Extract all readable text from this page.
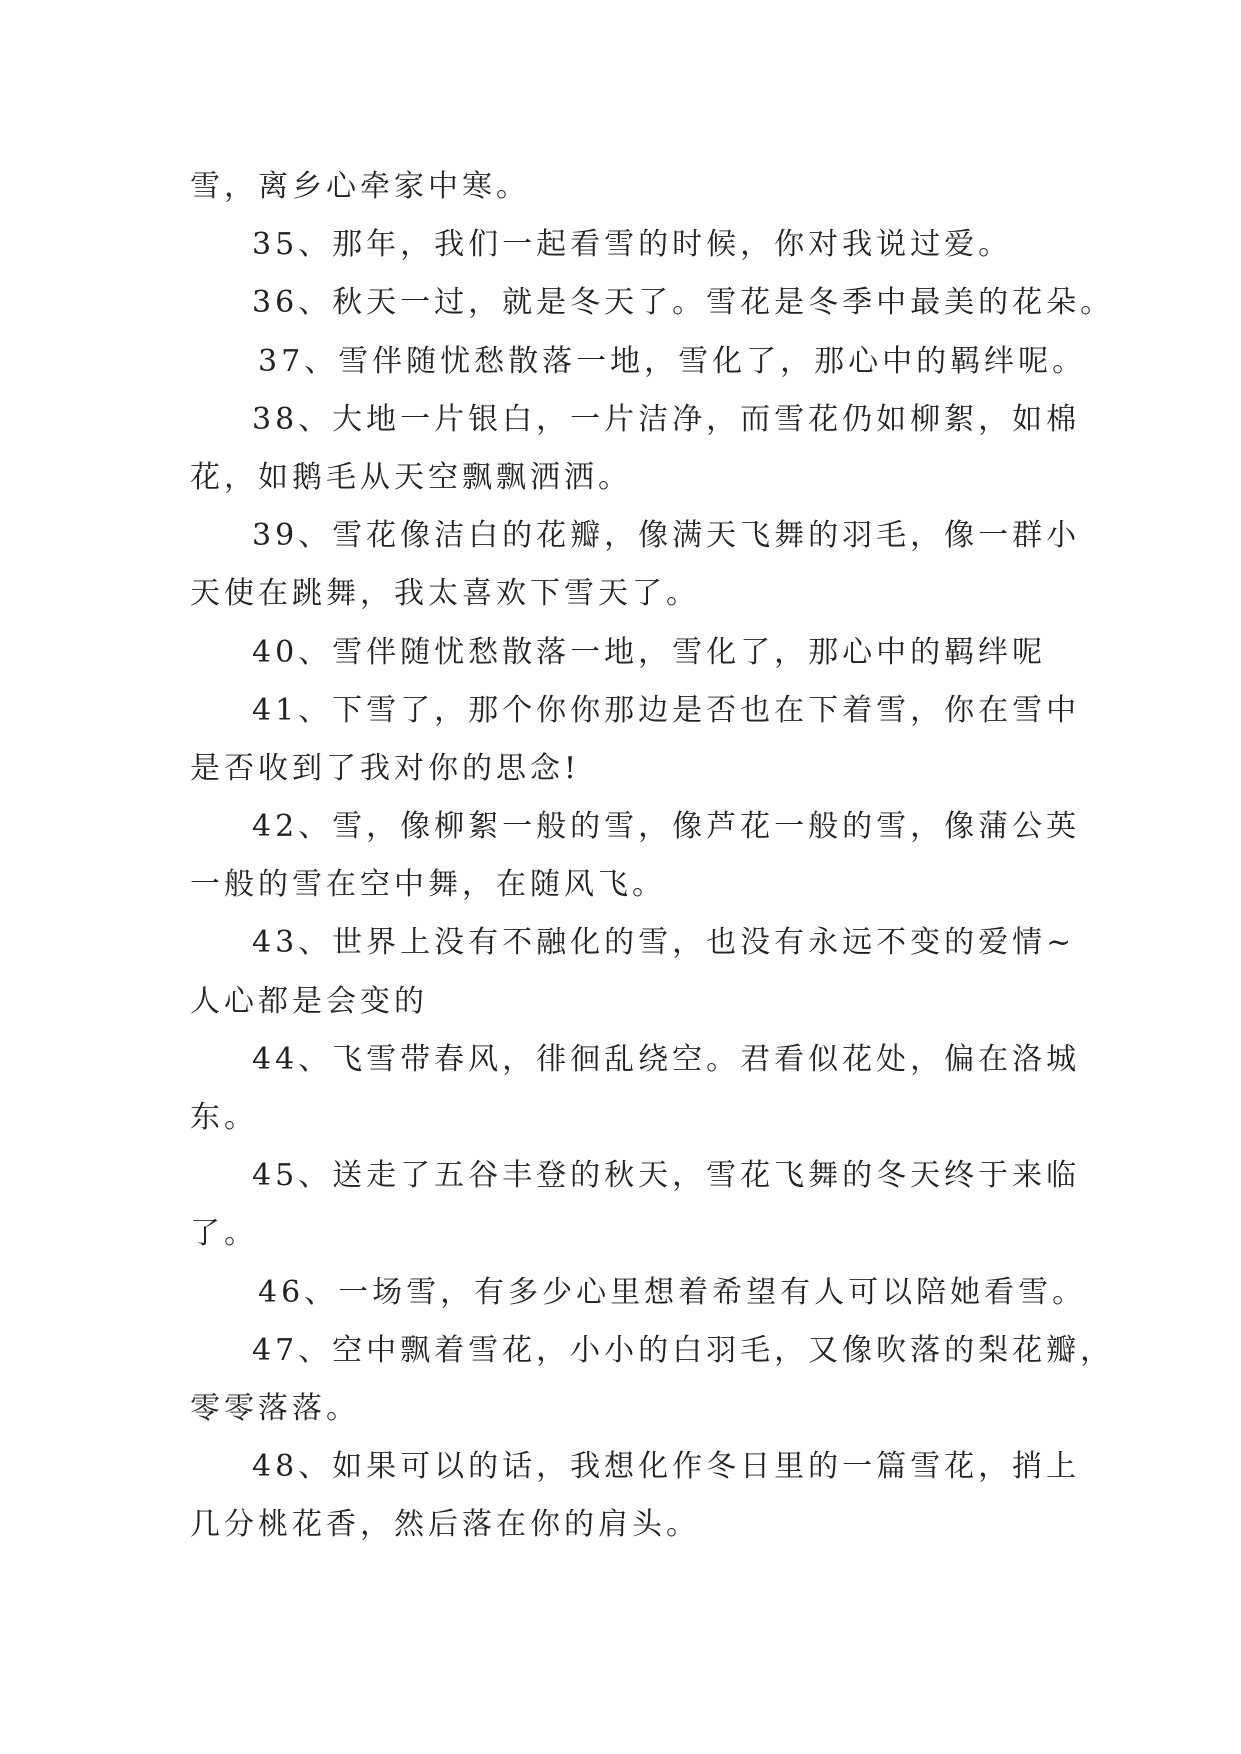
雪，离乡心牵家中寒。
35、那年，我们一起看雪的时候，你对我说过爱。
36、秋天一过，就是冬天了。雪花是冬季中最美的花朵。
37、雪伴随忧愁散落一地，雪化了，那心中的羁绊呢。
38、大地一片银白，一片洁净，而雪花仍如柳絮，如棉
花，如鹅毛从天空飘飘洒洒。
39、雪花像洁白的花瓣，像满天飞舞的羽毛，像一群小
天使在跳舞，我太喜欢下雪天了。
40、雪伴随忧愁散落一地，雪化了，那心中的羁绊呢
41、下雪了，那个你你那边是否也在下着雪，你在雪中
是否收到了我对你的思念!
42、雪，像柳絮一般的雪，像芦花一般的雪，像蒲公英
一般的雪在空中舞，在随风飞。
43、世界上没有不融化的雪，也没有永远不变的爱情~
人心都是会变的
44、飞雪带春风，徘徊乱绕空。君看似花处，偏在洛城
东。
45、送走了五谷丰登的秋天，雪花飞舞的冬天终于来临
了。
46、一场雪，有多少心里想着希望有人可以陪她看雪。
47、空中飘着雪花，小小的白羽毛，又像吹落的梨花瓣，
零零落落。
48、如果可以的话，我想化作冬日里的一篇雪花，捎上
几分桃花香，然后落在你的肩头。
